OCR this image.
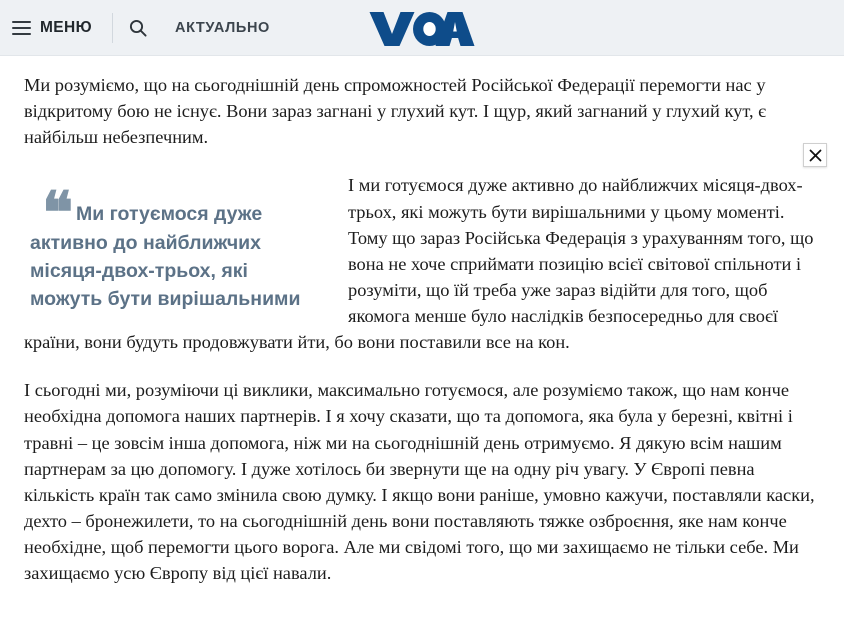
МЕНЮ	АКТУАЛЬНО

Ми розуміємо, що на сьогоднішній день спроможностей Російської Федерації перемогти нас у відкритому бою не існує. Вони зараз загнані у глухий кут. І щур, який загнаний у глухий кут, є найбільш небезпечним.

❝ Ми готуємося дуже активно до найближчих місяця-двох-трьох, які можуть бути вирішальними

І ми готуємося дуже активно до найближчих місяця-двох-трьох, які можуть бути вирішальними у цьому моменті. Тому що зараз Російська Федерація з урахуванням того, що вона не хоче сприймати позицію всієї світової спільноти і розуміти, що їй треба уже зараз відійти для того, щоб якомога менше було наслідків безпосередньо для своєї країни, вони будуть продовжувати йти, бо вони поставили все на кон.

І сьогодні ми, розуміючи ці виклики, максимально готуємося, але розуміємо також, що нам конче необхідна допомога наших партнерів. І я хочу сказати, що та допомога, яка була у березні, квітні і травні – це зовсім інша допомога, ніж ми на сьогоднішній день отримуємо. Я дякую всім нашим партнерам за цю допомогу. І дуже хотілось би звернути ще на одну річ увагу. У Європі певна кількість країн так само змінила свою думку. І якщо вони раніше, умовно кажучи, поставляли каски, дехто – бронежилети, то на сьогоднішній день вони поставляють тяжке озброєння, яке нам конче необхідне, щоб перемогти цього ворога. Але ми свідомі того, що ми захищаємо не тільки себе. Ми захищаємо усю Європу від цієї навали.
